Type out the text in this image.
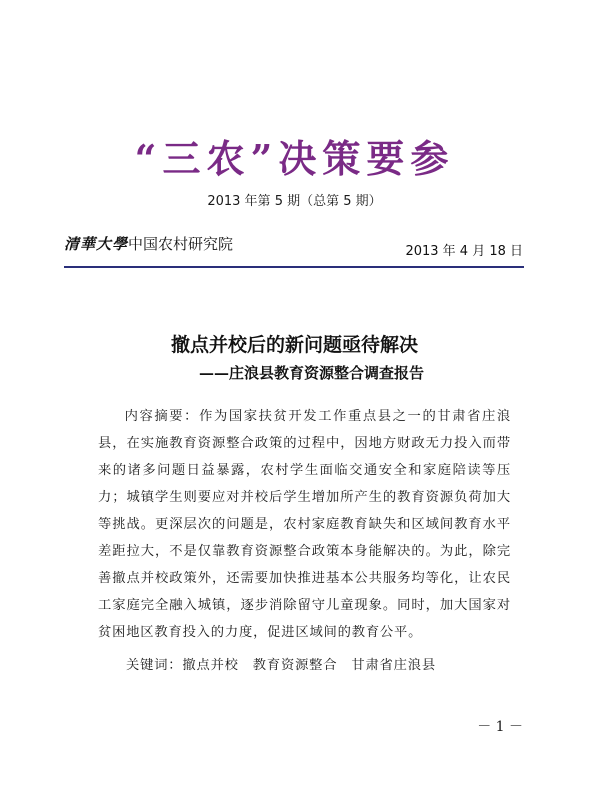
“三农”决策要参
2013 年第 5 期（总第 5 期）
清華大學中国农村研究院	2013 年 4 月 18 日
撤点并校后的新问题亟待解决
——庄浪县教育资源整合调查报告
内容摘要：作为国家扶贫开发工作重点县之一的甘肃省庄浪县，在实施教育资源整合政策的过程中，因地方财政无力投入而带来的诸多问题日益暴露，农村学生面临交通安全和家庭陪读等压力；城镇学生则要应对并校后学生增加所产生的教育资源负荷加大等挑战。更深层次的问题是，农村家庭教育缺失和区域间教育水平差距拉大，不是仅靠教育资源整合政策本身能解决的。为此，除完善撤点并校政策外，还需要加快推进基本公共服务均等化，让农民工家庭完全融入城镇，逐步消除留守儿童现象。同时，加大国家对贫困地区教育投入的力度，促进区域间的教育公平。
关键词：撤点并校 教育资源整合 甘肃省庄浪县
－ 1 －
